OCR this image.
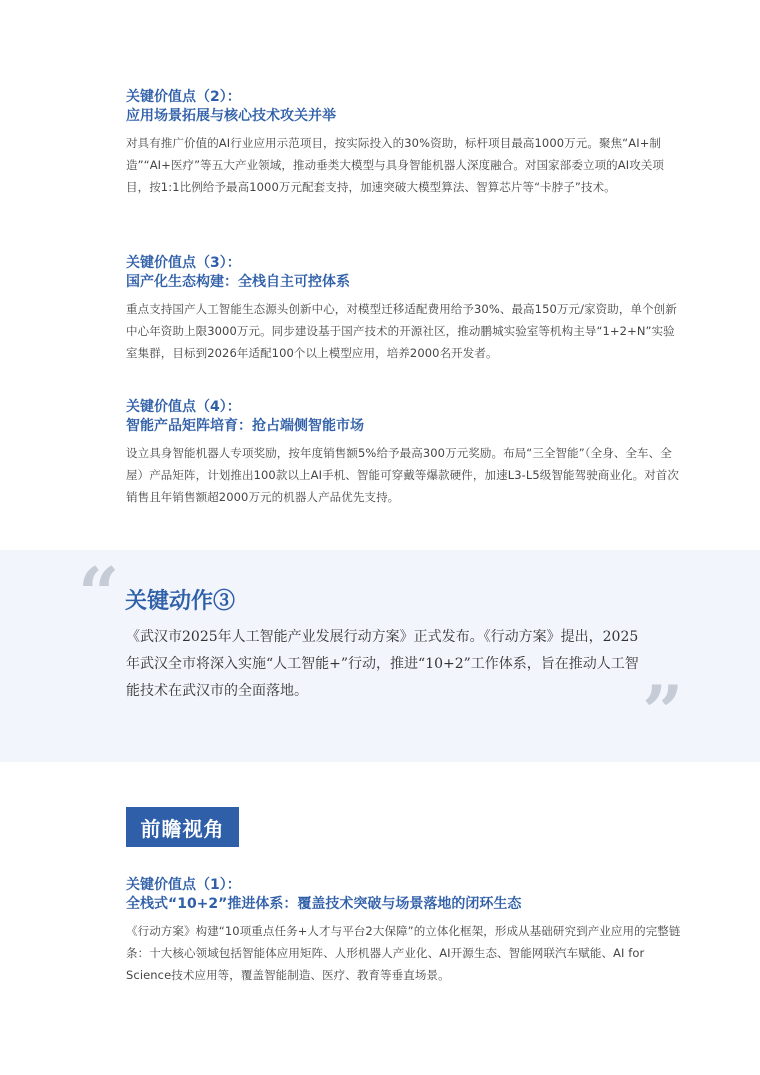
关键价值点（2）：

应用场景拓展与核心技术攻关并举

对具有推广价值的AI行业应用示范项目，按实际投入的30%资助，标杆项目最高1000万元。聚焦“AI+制造”“AI+医疗”等五大产业领域，推动垂类大模型与具身智能机器人深度融合。对国家部委立项的AI攻关项目，按1:1比例给予最高1000万元配套支持，加速突破大模型算法、智算芯片等“卡脖子”技术。

关键价值点（3）：

国产化生态构建：全栈自主可控体系

重点支持国产人工智能生态源头创新中心，对模型迁移适配费用给予30%、最高150万元/家资助，单个创新中心年资助上限3000万元。同步建设基于国产技术的开源社区，推动鹏城实验室等机构主导“1+2+N”实验室集群，目标到2026年适配100个以上模型应用，培养2000名开发者。

关键价值点（4）：

智能产品矩阵培育：抢占端侧智能市场

设立具身智能机器人专项奖励，按年度销售额5%给予最高300万元奖励。布局“三全智能”（全身、全车、全屋）产品矩阵，计划推出100款以上AI手机、智能可穿戴等爆款硬件，加速L3-L5级智能驾驶商业化。对首次销售且年销售额超2000万元的机器人产品优先支持。

“ 关键动作③

《武汉市2025年人工智能产业发展行动方案》正式发布。《行动方案》提出，2025年武汉全市将深入实施“人工智能+”行动，推进“10+2”工作体系，旨在推动人工智能技术在武汉市的全面落地。	”
前瞻视角

关键价值点（1）：

全栈式“10+2”推进体系：覆盖技术突破与场景落地的闭环生态

《行动方案》构建“10项重点任务+人才与平台2大保障”的立体化框架，形成从基础研究到产业应用的完整链条：十大核心领域包括智能体应用矩阵、人形机器人产业化、AI开源生态、智能网联汽车赋能、AI for Science技术应用等，覆盖智能制造、医疗、教育等垂直场景。
